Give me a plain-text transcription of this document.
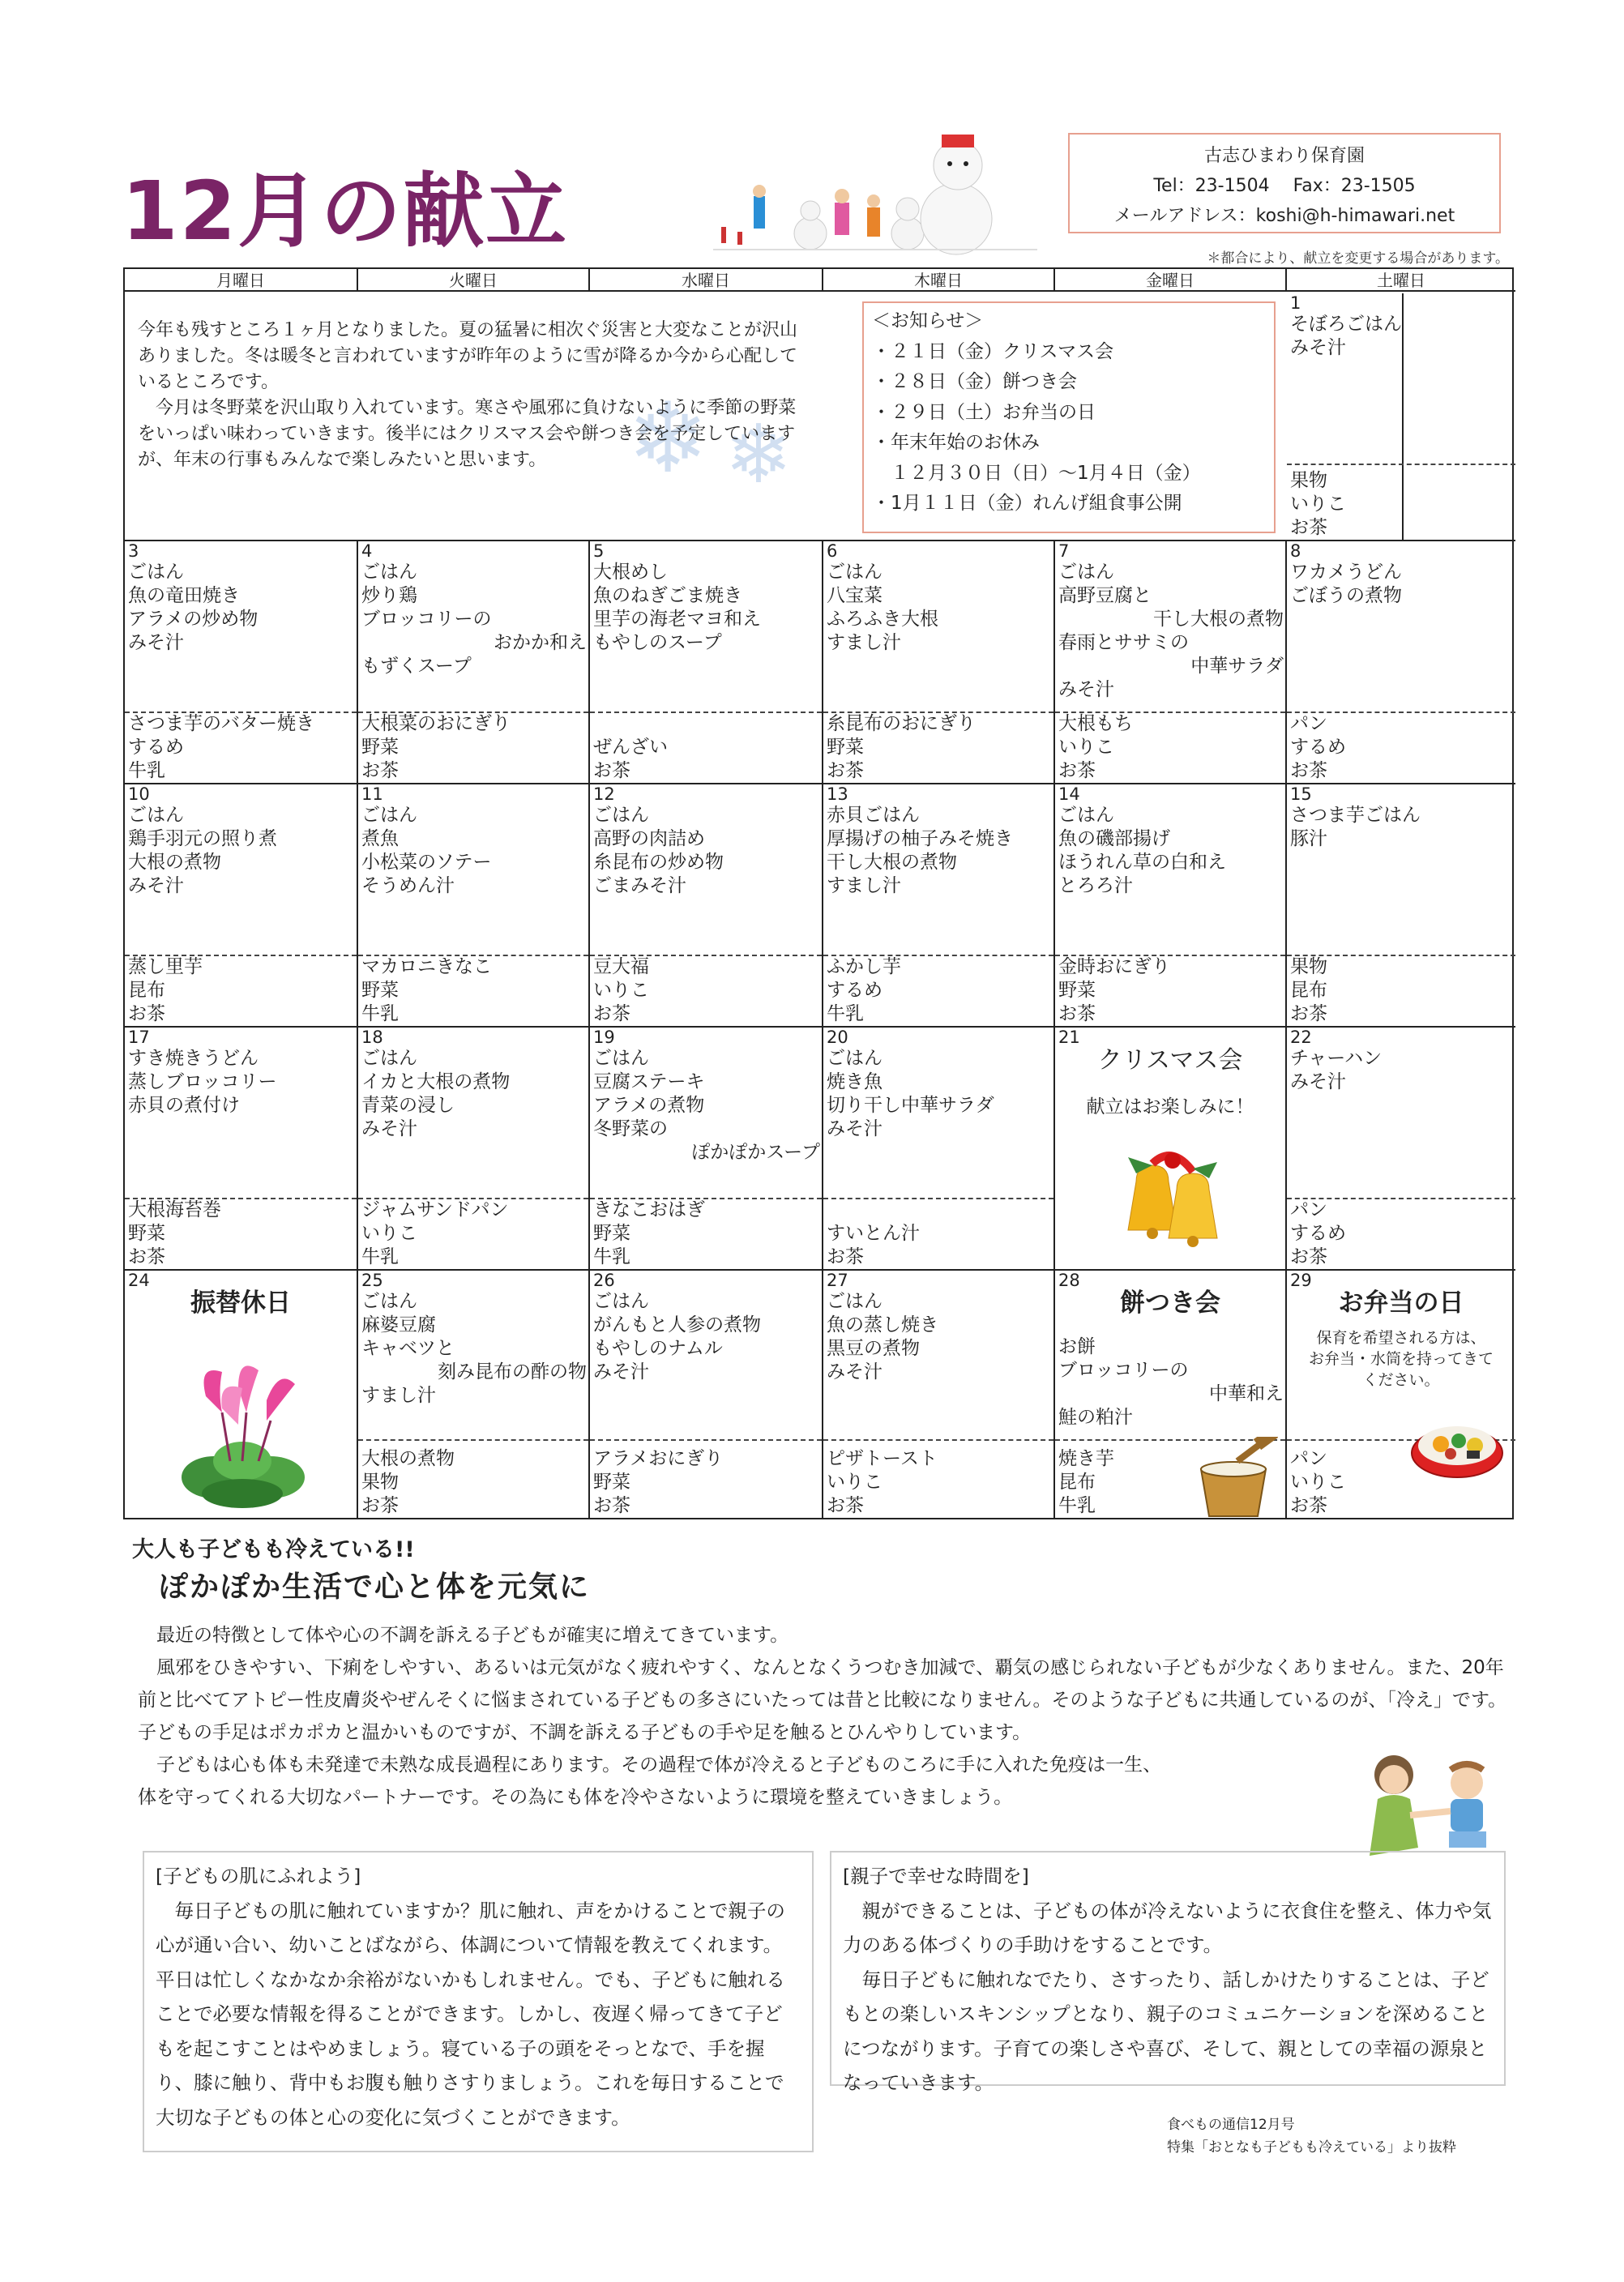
12月の献立
古志ひまわり保育園
Tel：23-1504　 Fax：23-1505
メールアドレス：koshi@h-himawari.net
＊都合により、献立を変更する場合があります。
月曜日	火曜日	水曜日	木曜日	金曜日	土曜日
❄ ❄
今年も残すところ１ヶ月となりました。夏の猛暑に相次ぐ災害と大変なことが沢山ありました。冬は暖冬と言われていますが昨年のように雪が降るか今から心配しているところです。
　今月は冬野菜を沢山取り入れています。寒さや風邪に負けないように季節の野菜をいっぱい味わっていきます。後半にはクリスマス会や餅つき会を予定していますが、年末の行事もみんなで楽しみたいと思います。
＜お知らせ＞
・２１日（金）クリスマス会
・２８日（金）餅つき会
・２９日（土）お弁当の日
・年末年始のお休み
　１２月３０日（日）～1月４日（金）
・1月１１日（金）れんげ組食事公開
1
そぼろごはん
みそ汁
果物
いりこ
お茶
3
ごはん
魚の竜田焼き
アラメの炒め物
みそ汁
さつま芋のバター焼き
するめ
牛乳
4
ごはん
炒り鶏
ブロッコリーの
おかか和え
もずくスープ
大根菜のおにぎり
野菜
お茶
5
大根めし
魚のねぎごま焼き
里芋の海老マヨ和え
もやしのスープ
ぜんざい
お茶
6
ごはん
八宝菜
ふろふき大根
すまし汁
糸昆布のおにぎり
野菜
お茶
7
ごはん
高野豆腐と
干し大根の煮物
春雨とササミの
中華サラダ
みそ汁
大根もち
いりこ
お茶
8
ワカメうどん
ごぼうの煮物
パン
するめ
お茶
10
ごはん
鶏手羽元の照り煮
大根の煮物
みそ汁
蒸し里芋
昆布
お茶
11
ごはん
煮魚
小松菜のソテー
そうめん汁
マカロニきなこ
野菜
牛乳
12
ごはん
高野の肉詰め
糸昆布の炒め物
ごまみそ汁
豆大福
いりこ
お茶
13
赤貝ごはん
厚揚げの柚子みそ焼き
干し大根の煮物
すまし汁
ふかし芋
するめ
牛乳
14
ごはん
魚の磯部揚げ
ほうれん草の白和え
とろろ汁
金時おにぎり
野菜
お茶
15
さつま芋ごはん
豚汁
果物
昆布
お茶
17
すき焼きうどん
蒸しブロッコリー
赤貝の煮付け
大根海苔巻
野菜
お茶
18
ごはん
イカと大根の煮物
青菜の浸し
みそ汁
ジャムサンドパン
いりこ
牛乳
19
ごはん
豆腐ステーキ
アラメの煮物
冬野菜の
ぽかぽかスープ
きなこおはぎ
野菜
牛乳
20
ごはん
焼き魚
切り干し中華サラダ
みそ汁
すいとん汁
お茶
21
クリスマス会
献立はお楽しみに！
22
チャーハン
みそ汁
パン
するめ
お茶
24
振替休日
25
ごはん
麻婆豆腐
キャベツと
刻み昆布の酢の物
すまし汁
大根の煮物
果物
お茶
26
ごはん
がんもと人参の煮物
もやしのナムル
みそ汁
アラメおにぎり
野菜
お茶
27
ごはん
魚の蒸し焼き
黒豆の煮物
みそ汁
ピザトースト
いりこ
お茶
28
餅つき会
お餅
ブロッコリーの
中華和え
鮭の粕汁
焼き芋
昆布
牛乳
29
お弁当の日
保育を希望される方は、
お弁当・水筒を持ってきて
ください。
パン
いりこ
お茶
大人も子どもも冷えている!!
ぽかぽか生活で心と体を元気に
　最近の特徴として体や心の不調を訴える子どもが確実に増えてきています。
　風邪をひきやすい、下痢をしやすい、あるいは元気がなく疲れやすく、なんとなくうつむき加減で、覇気の感じられない子どもが少なくありません。また、20年前と比べてアトピー性皮膚炎やぜんそくに悩まされている子どもの多さにいたっては昔と比較になりません。そのような子どもに共通しているのが、「冷え」です。子どもの手足はポカポカと温かいものですが、不調を訴える子どもの手や足を触るとひんやりしています。
　子どもは心も体も未発達で未熟な成長過程にあります。その過程で体が冷えると子どものころに手に入れた免疫は一生、
体を守ってくれる大切なパートナーです。その為にも体を冷やさないように環境を整えていきましょう。
[子どもの肌にふれよう]
　毎日子どもの肌に触れていますか？肌に触れ、声をかけることで親子の心が通い合い、幼いことばながら、体調について情報を教えてくれます。平日は忙しくなかなか余裕がないかもしれません。でも、子どもに触れることで必要な情報を得ることができます。しかし、夜遅く帰ってきて子どもを起こすことはやめましょう。寝ている子の頭をそっとなで、手を握り、膝に触り、背中もお腹も触りさすりましょう。これを毎日することで大切な子どもの体と心の変化に気づくことができます。
[親子で幸せな時間を]
　親ができることは、子どもの体が冷えないように衣食住を整え、体力や気力のある体づくりの手助けをすることです。
　毎日子どもに触れなでたり、さすったり、話しかけたりすることは、子どもとの楽しいスキンシップとなり、親子のコミュニケーションを深めることにつながります。子育ての楽しさや喜び、そして、親としての幸福の源泉となっていきます。
食べもの通信12月号
特集「おとなも子どもも冷えている」より抜粋
